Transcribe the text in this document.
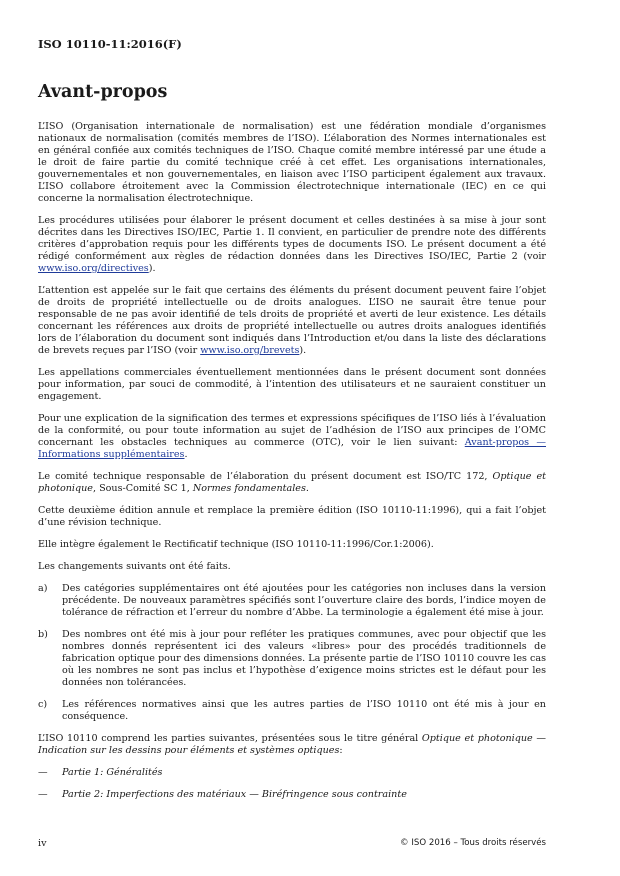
ISO 10110-11:2016(F)
Avant-propos

L’ISO (Organisation internationale de normalisation) est une fédération mondiale d’organismes nationaux de normalisation (comités membres de l’ISO). L’élaboration des Normes internationales est en général confiée aux comités techniques de l’ISO. Chaque comité membre intéressé par une étude a le droit de faire partie du comité technique créé à cet effet. Les organisations internationales, gouvernementales et non gouvernementales, en liaison avec l’ISO participent également aux travaux. L’ISO collabore étroitement avec la Commission électrotechnique internationale (IEC) en ce qui concerne la normalisation électrotechnique.

Les procédures utilisées pour élaborer le présent document et celles destinées à sa mise à jour sont décrites dans les Directives ISO/IEC, Partie 1. Il convient, en particulier de prendre note des différents critères d’approbation requis pour les différents types de documents ISO. Le présent document a été rédigé conformément aux règles de rédaction données dans les Directives ISO/IEC, Partie 2 (voir www.iso.org/directives).

L’attention est appelée sur le fait que certains des éléments du présent document peuvent faire l’objet de droits de propriété intellectuelle ou de droits analogues. L’ISO ne saurait être tenue pour responsable de ne pas avoir identifié de tels droits de propriété et averti de leur existence. Les détails concernant les références aux droits de propriété intellectuelle ou autres droits analogues identifiés lors de l’élaboration du document sont indiqués dans l’Introduction et/ou dans la liste des déclarations de brevets reçues par l’ISO (voir www.iso.org/brevets).

Les appellations commerciales éventuellement mentionnées dans le présent document sont données pour information, par souci de commodité, à l’intention des utilisateurs et ne sauraient constituer un engagement.

Pour une explication de la signification des termes et expressions spécifiques de l’ISO liés à l’évaluation de la conformité, ou pour toute information au sujet de l’adhésion de l’ISO aux principes de l’OMC concernant les obstacles techniques au commerce (OTC), voir le lien suivant: Avant-propos — Informations supplémentaires.

Le comité technique responsable de l’élaboration du présent document est ISO/TC 172, Optique et photonique, Sous-Comité SC 1, Normes fondamentales.

Cette deuxième édition annule et remplace la première édition (ISO 10110-11:1996), qui a fait l’objet d’une révision technique.

Elle intègre également le Rectificatif technique (ISO 10110-11:1996/Cor.1:2006).

Les changements suivants ont été faits.

a)	Des catégories supplémentaires ont été ajoutées pour les catégories non incluses dans la version précédente. De nouveaux paramètres spécifiés sont l’ouverture claire des bords, l’indice moyen de tolérance de réfraction et l’erreur du nombre d’Abbe. La terminologie a également été mise à jour.
b)	Des nombres ont été mis à jour pour refléter les pratiques communes, avec pour objectif que les nombres donnés représentent ici des valeurs «libres» pour des procédés traditionnels de fabrication optique pour des dimensions données. La présente partie de l’ISO 10110 couvre les cas où les nombres ne sont pas inclus et l’hypothèse d’exigence moins strictes est le défaut pour les données non tolérancées.
c)	Les références normatives ainsi que les autres parties de l’ISO 10110 ont été mis à jour en conséquence.

L’ISO 10110 comprend les parties suivantes, présentées sous le titre général Optique et photonique — Indication sur les dessins pour éléments et systèmes optiques:

—	Partie 1: Généralités
—	Partie 2: Imperfections des matériaux — Biréfringence sous contrainte
iv	© ISO 2016 – Tous droits réservés
